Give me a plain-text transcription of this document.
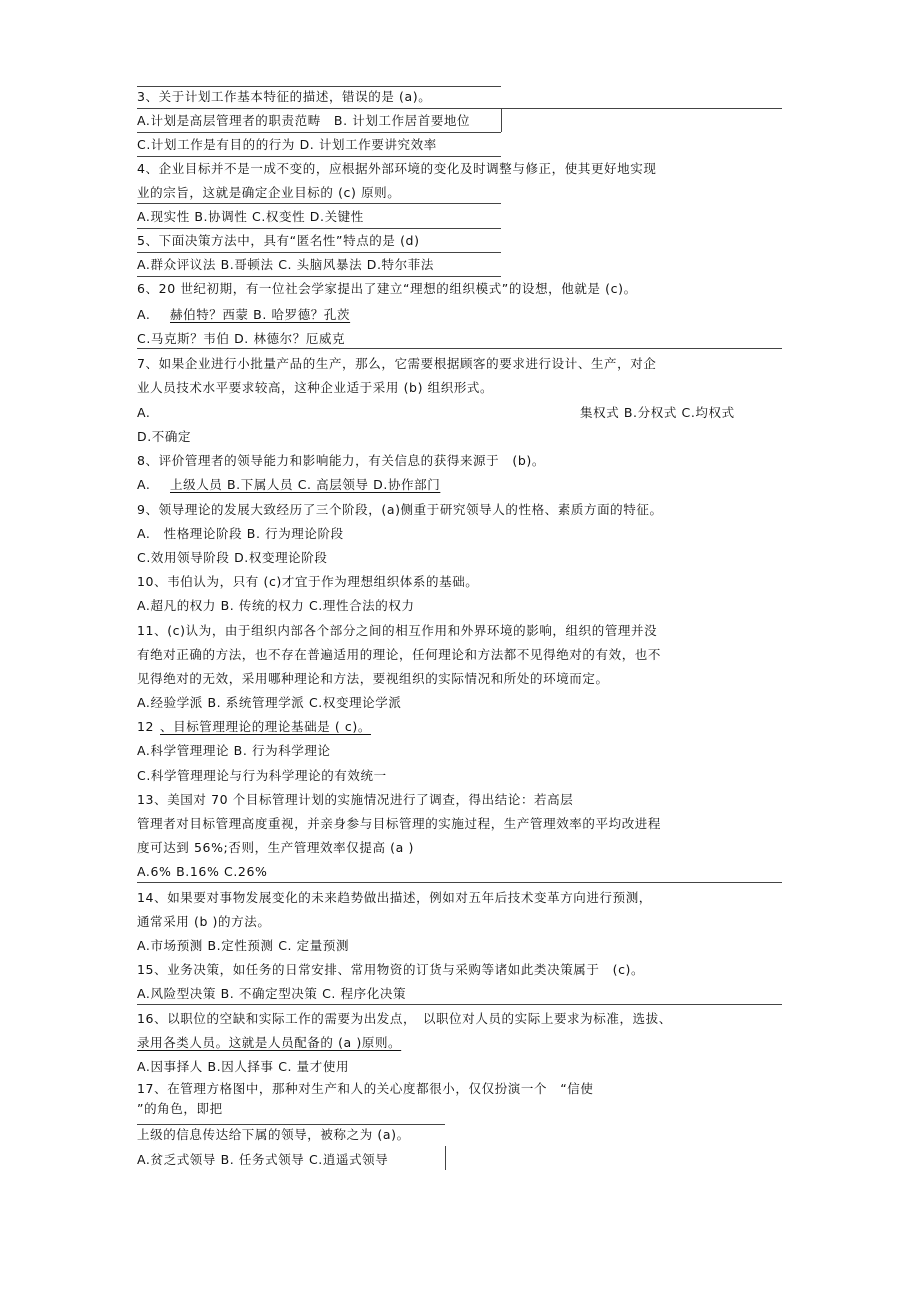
3、关于计划工作基本特征的描述，错误的是 (a)。
A.计划是高层管理者的职责范畴　B. 计划工作居首要地位
C.计划工作是有目的的行为 D. 计划工作要讲究效率
4、企业目标并不是一成不变的，应根据外部环境的变化及时调整与修正，使其更好地实现
业的宗旨，这就是确定企业目标的 (c) 原则。
A.现实性 B.协调性 C.权变性 D.关键性
5、下面决策方法中，具有“匿名性”特点的是 (d)
A.群众评议法 B.哥顿法 C. 头脑风暴法 D.特尔菲法
6、20 世纪初期，有一位社会学家提出了建立“理想的组织模式”的设想，他就是 (c)。
A. 赫伯特？西蒙 B. 哈罗德？孔茨
C.马克斯？韦伯 D. 林德尔？厄威克
7、如果企业进行小批量产品的生产，那么，它需要根据顾客的要求进行设计、生产，对企
业人员技术水平要求较高，这种企业适于采用 (b) 组织形式。
A.	集权式 B.分权式 C.均权式
D.不确定
8、评价管理者的领导能力和影响能力，有关信息的获得来源于　(b)。
A. 上级人员 B.下属人员 C. 高层领导 D.协作部门
9、领导理论的发展大致经历了三个阶段，(a)侧重于研究领导人的性格、素质方面的特征。
A.　性格理论阶段 B. 行为理论阶段
C.效用领导阶段 D.权变理论阶段
10、韦伯认为，只有 (c)才宜于作为理想组织体系的基础。
A.超凡的权力 B. 传统的权力 C.理性合法的权力
11、(c)认为，由于组织内部各个部分之间的相互作用和外界环境的影响，组织的管理并没
有绝对正确的方法，也不存在普遍适用的理论，任何理论和方法都不见得绝对的有效，也不
见得绝对的无效，采用哪种理论和方法，要视组织的实际情况和所处的环境而定。
A.经验学派 B. 系统管理学派 C.权变理论学派
12 、目标管理理论的理论基础是 ( c)。
A.科学管理理论 B. 行为科学理论
C.科学管理理论与行为科学理论的有效统一
13、美国对 70 个目标管理计划的实施情况进行了调查，得出结论：若高层
管理者对目标管理高度重视，并亲身参与目标管理的实施过程，生产管理效率的平均改进程
度可达到 56%;否则，生产管理效率仅提高 (a )
A.6% B.16% C.26%
14、如果要对事物发展变化的未来趋势做出描述，例如对五年后技术变革方向进行预测，
通常采用 (b )的方法。
A.市场预测 B.定性预测 C. 定量预测
15、业务决策，如任务的日常安排、常用物资的订货与采购等诸如此类决策属于　(c)。
A.风险型决策 B. 不确定型决策 C. 程序化决策
16、以职位的空缺和实际工作的需要为出发点，　以职位对人员的实际上要求为标准，选拔、
录用各类人员。这就是人员配备的 (a )原则。
A.因事择人 B.因人择事 C. 量才使用
17、在管理方格图中，那种对生产和人的关心度都很小，仅仅扮演一个　“信使
”的角色，即把
上级的信息传达给下属的领导，被称之为 (a)。
A.贫乏式领导 B. 任务式领导 C.逍遥式领导
